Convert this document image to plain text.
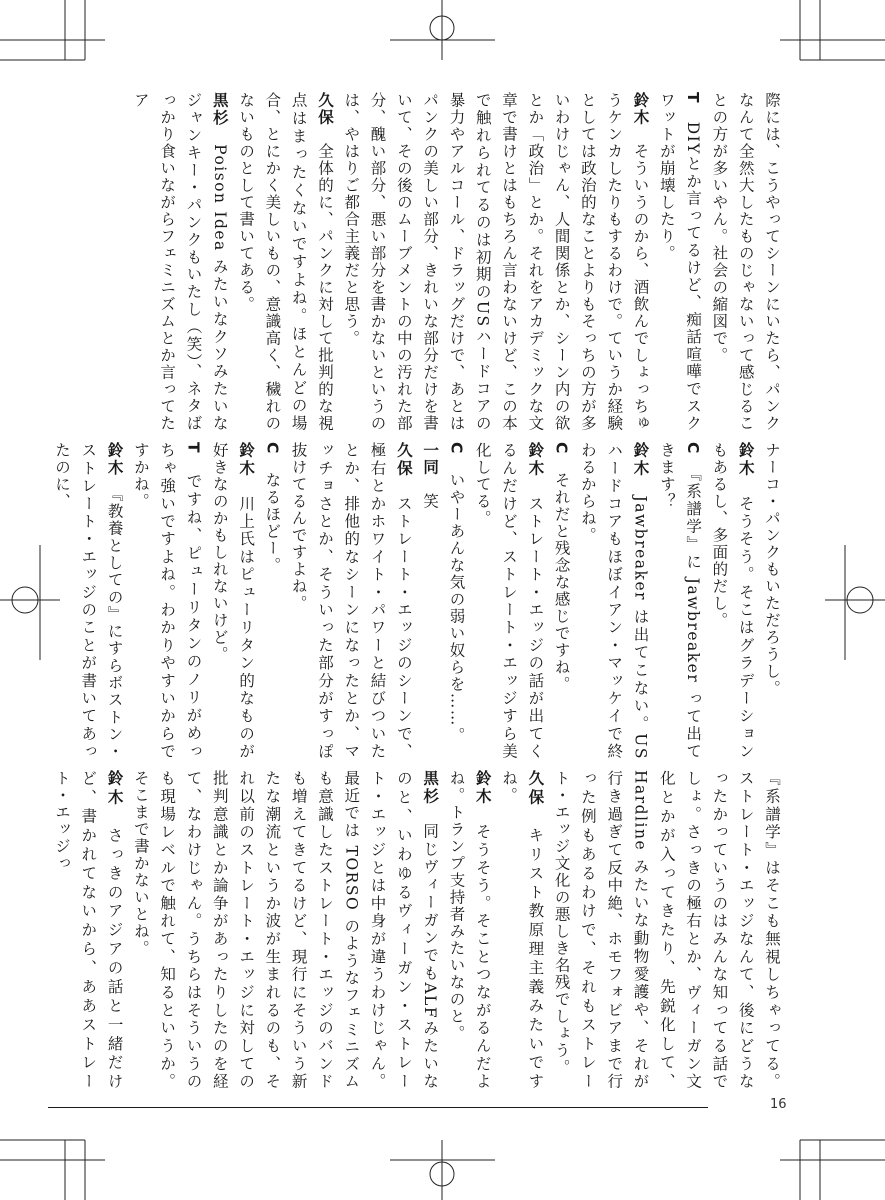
際には、こうやってシーンにいたら、パンクなんて全然大したものじゃないって感じることの方が多いやん。社会の縮図で。

T　DIYとか言ってるけど、痴話喧嘩でスクワットが崩壊したり。

鈴木　そういうのから、酒飲んでしょっちゅうケンカしたりもするわけで。ていうか経験としては政治的なことよりもそっちの方が多いわけじゃん、人間関係とか、シーン内の欲とか「政治」とか。それをアカデミックな文章で書けとはもちろん言わないけど、この本で触れられてるのは初期のUSハードコアの暴力やアルコール、ドラッグだけで、あとはパンクの美しい部分、きれいな部分だけを書いて、その後のムーブメントの中の汚れた部分、醜い部分、悪い部分を書かないというのは、やはりご都合主義だと思う。

久保　全体的に、パンクに対して批判的な視点はまったくないですよね。ほとんどの場合、とにかく美しいもの、意識高く、穢れのないものとして書いてある。

黒杉　Poison Idea みたいなクソみたいなジャンキー・パンクもいたし（笑）、ネタばっかり食いながらフェミニズムとか言ってたア

ナーコ・パンクもいただろうし。

鈴木　そうそう。そこはグラデーションもあるし、多面的だし。

C　『系譜学』に Jawbreaker って出てきます？

鈴木　Jawbreaker は出てこない。USハードコアもほぼイアン・マッケイで終わるからね。

C　それだと残念な感じですね。

鈴木　ストレート・エッジの話が出てくるんだけど、ストレート・エッジすら美化してる。

C　いやーあんな気の弱い奴らを……。

一同　笑

久保　ストレート・エッジのシーンで、極右とかホワイト・パワーと結びついたとか、排他的なシーンになったとか、マッチョさとか、そういった部分がすっぽ抜けてるんですよね。

C　なるほどー。

鈴木　川上氏はピューリタン的なものが好きなのかもしれないけど。

T　ですね、ピューリタンのノリがめっちゃ強いですよね。わかりやすいからですかね。

鈴木　『教養としての』にすらボストン・ストレート・エッジのことが書いてあったのに、

『系譜学』はそこも無視しちゃってる。ストレート・エッジなんて、後にどうなったかっていうのはみんな知ってる話でしょ。さっきの極右とか、ヴィーガン文化とかが入ってきたり、先鋭化して、Hardline みたいな動物愛護や、それが行き過ぎて反中絶、ホモフォビアまで行った例もあるわけで、それもストレート・エッジ文化の悪しき名残でしょう。

久保　キリスト教原理主義みたいですね。

鈴木　そうそう。そことつながるんだよね。トランプ支持者みたいなのと。

黒杉　同じヴィーガンでもALFみたいなのと、いわゆるヴィーガン・ストレート・エッジとは中身が違うわけじゃん。最近では TORSO のようなフェミニズムも意識したストレート・エッジのバンドも増えてきてるけど、現行にそういう新たな潮流というか波が生まれるのも、それ以前のストレート・エッジに対しての批判意識とか論争があったりしたのを経て、なわけじゃん。うちらはそういうのも現場レベルで触れて、知るというか。そこまで書かないとね。

鈴木　さっきのアジアの話と一緒だけど、書かれてないから、ああストレート・エッジっ

16
